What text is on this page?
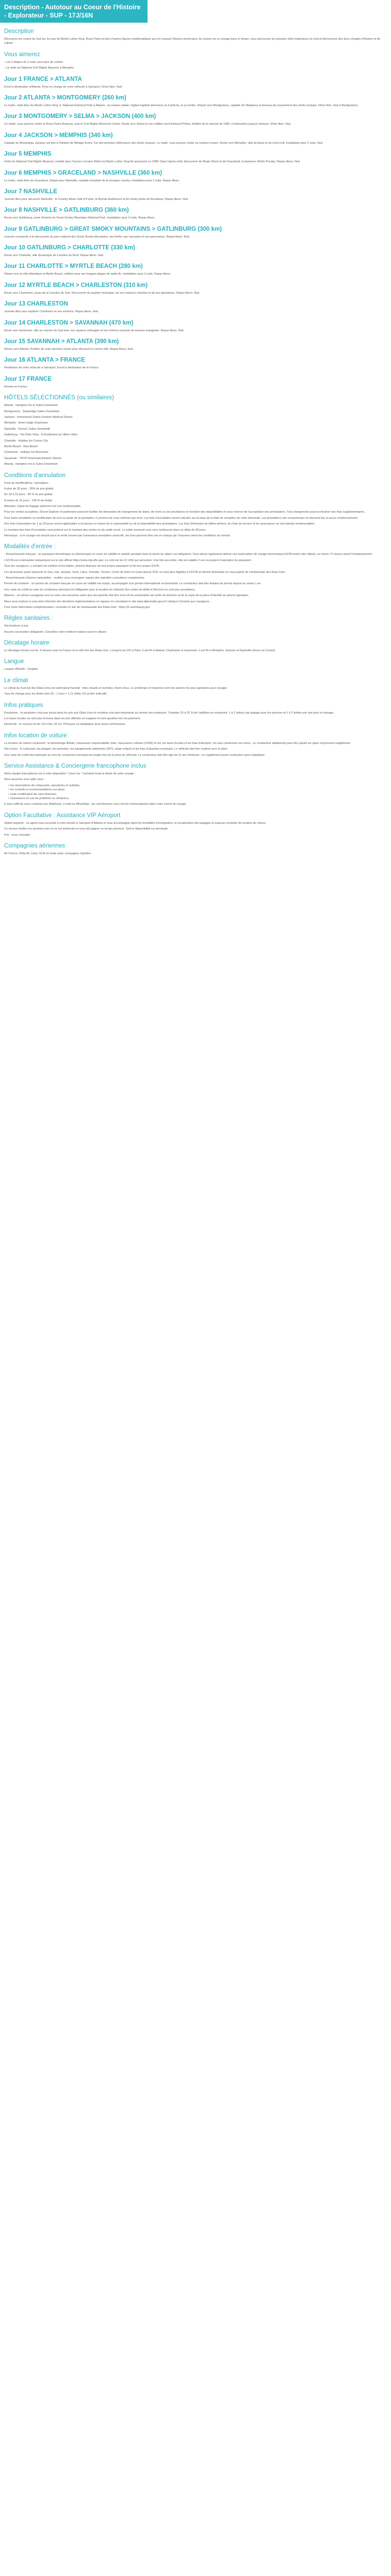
Description - Autotour au Coeur de l'Histoire - Explorateur - SUP - 17J/16N
Description

Découvrez les routes du Sud sur les pas de Martin Luther King, Rosa Parks et bien d'autres figures emblématiques qui ont marqué l'histoire américaine. Au travers de ce voyage dans le temps, vous parcourrez les grandes villes historiques du Sud et découvrirez des lieux chargés d'histoire et de culture.

Vous aimerez

- Les 3 étapes de 2 nuits, pour plus de confort

- La visite du National Civil Rights Museum à Memphis

Jour 1 FRANCE > ATLANTA

Envol à destination d'Atlanta. Prise en charge de votre véhicule à l'aéroport. Dîner libre. Nuit.

Jour 2 ATLANTA > MONTGOMERY (260 km)

Le matin, visite libre du Martin Luther King Jr. National Historical Park à Atlanta : sa maison natale, l'église baptiste Ebenezer où il prêcha, et sa tombe. Départ vers Montgomery, capitale de l'Alabama et berceau du mouvement des droits civiques. Dîner libre. Nuit à Montgomery.

Jour 3 MONTGOMERY > SELMA > JACKSON (400 km)

Ce matin, vous pourrez visiter le Rosa Parks Museum, puis le Civil Rights Memorial Center. Route vers Selma et son célèbre pont Edmund Pettus, théâtre de la marche de 1965. Continuation jusqu'à Jackson. Dîner libre. Nuit.

Jour 4 JACKSON > MEMPHIS (340 km)

Capitale du Mississippi, Jackson est liée à l'histoire de Medgar Evers, l'un des premiers défenseurs des droits civiques. Le matin, vous pourrez visiter sa maison-musée. Route vers Memphis, ville du blues et du rock'n'roll. Installation pour 2 nuits. Nuit.

Jour 5 MEMPHIS

Visite du National Civil Rights Museum, installé dans l'ancien Lorraine Motel où Martin Luther King fut assassiné en 1968. Dans l'après-midi, découverte de Beale Street et de Graceland, la demeure d'Elvis Presley. Repas libres. Nuit.

Jour 6 MEMPHIS > GRACELAND > NASHVILLE (360 km)

Le matin, visite libre de Graceland. Départ pour Nashville, capitale mondiale de la musique country. Installation pour 2 nuits. Repas libres.

Jour 7 NASHVILLE

Journée libre pour découvrir Nashville : le Country Music Hall of Fame, le Ryman Auditorium et les honky-tonks de Broadway. Repas libres. Nuit.

Jour 8 NASHVILLE > GATLINBURG (360 km)

Route vers Gatlinburg, porte d'entrée du Great Smoky Mountains National Park. Installation pour 2 nuits. Repas libres.

Jour 9 GATLINBURG > GREAT SMOKY MOUNTAINS > GATLINBURG (300 km)

Journée consacrée à la découverte du parc national des Great Smoky Mountains, ses forêts, ses cascades et ses panoramas. Repas libres. Nuit.

Jour 10 GATLINBURG > CHARLOTTE (330 km)

Route vers Charlotte, ville dynamique de Caroline du Nord. Repas libres. Nuit.

Jour 11 CHARLOTTE > MYRTLE BEACH (280 km)

Départ vers la côte Atlantique et Myrtle Beach, célèbre pour ses longues plages de sable fin. Installation pour 2 nuits. Repas libres.

Jour 12 MYRTLE BEACH > CHARLESTON (310 km)

Route vers Charleston, joyau de la Caroline du Sud. Découverte du quartier historique, de ses maisons colorées et de ses plantations. Repas libres. Nuit.

Jour 13 CHARLESTON

Journée libre pour explorer Charleston et ses environs. Repas libres. Nuit.

Jour 14 CHARLESTON > SAVANNAH (470 km)

Route vers Savannah, ville au charme du Sud avec ses squares ombragés et ses chênes couverts de mousse espagnole. Repas libres. Nuit.

Jour 15 SAVANNAH > ATLANTA (390 km)

Retour vers Atlanta. Profitez de votre dernière soirée pour découvrir le centre-ville. Repas libres. Nuit.

Jour 16 ATLANTA > FRANCE

Restitution de votre véhicule à l'aéroport. Envol à destination de la France.

Jour 17 FRANCE

Arrivée en France.

HÔTELS SÉLECTIONNÉS (ou similaires)

Atlanta : Hampton Inn & Suites Downtown

Montgomery : Staybridge Suites Downtown

Jackson : Homewood Suites Fondren Medical District

Memphis : Hotel Indigo Downtown

Nashville : Home2 Suites Vanderbilt

Gatlinburg : The Park Vista - A Doubletree by Hilton Hotel

Charlotte : Holiday Inn Center City

Myrtle Beach : Max Beach

Charleston : Holiday Inn Riverview

Savannah : TRYP Downtown/Historic District

Atlanta : Hampton Inn & Suites Downtown

Conditions d'annulation

Frais de modifications / annulation :

A plus de 30 jours : 35% du prix global

De 30 à 15 jours : 85 % du prix global

A moins de 15 jours : 100 % du forfait

Attention, l'ajout de bagage optionnel est non-remboursable.

Pour les ventes acceptées, l'Envol Explorer et partenaire pourront faciliter les demandes de changement de dates, de noms ou de prestations en fonction des disponibilités et sous réserve de l'acceptation des prestataires. Tout changement pourra entraîner des frais supplémentaires.

Pour toute annulation ou modification de tout ou partie de la prestation, il convient de nous informer par écrit. Les frais d'annulation seront calculés sur la base de la date de réception de votre demande. Les prestations non consommées ne donnent lieu à aucun remboursement.

Des frais d'annulation de 1 au 20 jours seront applicables à la hausse en raison de la saisonnalité ou de la disponibilité des prestataires. Les frais d'émission de billets aériens, les frais de service et les assurances ne sont jamais remboursables.

Le montant des frais d'annulation sera prélevé sur le montant des arrhes ou du solde versé. Le solde éventuel vous sera remboursé dans un délai de 30 jours.

Remarque : si le voyage est annulé pour un motif couvert par l'assurance annulation souscrite, les frais pourront être pris en charge par l'assureur selon les conditions du contrat.

Modalités d'entrée :

- Ressortissants français : un passeport biométrique ou électronique en cours de validité et valable pendant toute la durée du séjour est obligatoire. Vous devez également obtenir une autorisation de voyage électronique ESTA avant votre départ, au moins 72 heures avant l'embarquement.

L'ESTA est à demander uniquement sur le site officiel https://esta.cbp.dhs.gov. Le coût est de 21 USD par personne. Une fois accordée, elle est valable 2 ans ou jusqu'à l'expiration du passeport.

Tous les voyageurs, y compris les enfants et les bébés, doivent disposer de leur propre passeport et de leur propre ESTA.

Les personnes ayant séjourné en Iran, Irak, Soudan, Syrie, Libye, Somalie, Yémen, Corée du Nord ou Cuba depuis 2011 ne sont plus éligibles à l'ESTA et doivent demander un visa auprès de l'ambassade des États-Unis.

- Ressortissants d'autres nationalités : veuillez vous renseigner auprès des autorités consulaires compétentes.

Permis de conduire : un permis de conduire français en cours de validité est requis, accompagné d'un permis international recommandé. Le conducteur doit être titulaire du permis depuis au moins 1 an.

Une carte de crédit au nom du conducteur principal est obligatoire pour la location du véhicule (les cartes de débit et Electron ne sont pas acceptées).

Mineurs : un mineur voyageant seul ou avec une personne autre que ses parents doit être muni d'une autorisation de sortie du territoire et de la copie de la pièce d'identité du parent signataire.

Nous vous invitons à vous tenir informés des dernières réglementations en vigueur en consultant le site www.diplomatie.gouv.fr rubrique Conseils aux voyageurs.

Pour toute information complémentaire, consultez le site de l'ambassade des États-Unis : https://fr.usembassy.gov.

Règles sanitaires :

Vaccinations à jour.

Aucune vaccination obligatoire. Consultez votre médecin traitant avant le départ.

Décalage horaire

Le décalage horaire est de -6 heures entre la France et la côte Est des États-Unis. Lorsqu'il est 12h à Paris, il est 6h à Atlanta, Charleston et Savannah. Il est 5h à Memphis, Jackson et Nashville (heure du Centre).

Langue

Langue officielle : l'anglais.

Le climat

Le climat du Sud-Est des États-Unis est subtropical humide : étés chauds et humides, hivers doux. Le printemps et l'automne sont les saisons les plus agréables pour voyager.

Taux de change pour les États-Unis (€) : 1 euro = 1,11 dollar US (à titre indicatif).

Infos pratiques

Pourboires : le pourboire n'est pas inclus dans les prix aux États-Unis et constitue une part importante du revenu des employés. Comptez 15 à 20 % de l'addition au restaurant, 1 à 2 dollars par bagage pour les porteurs et 1 à 2 dollars par nuit pour le ménage.

Les taxes locales ne sont pas incluses dans les prix affichés en magasin et sont ajoutées lors du paiement.

Électricité : le courant est de 110 volts, 60 Hz. Prévoyez un adaptateur pour prises américaines.

Infos location de voiture

La location de voiture comprend : le kilométrage illimité, l'assurance responsabilité civile, l'assurance collision (CDW) et vol, les taxes locales et les frais d'aéroport. Un seul conducteur est inclus ; un conducteur additionnel peut être ajouté sur place moyennant supplément.

Non inclus : le carburant, les péages, les amendes, les équipements optionnels (GPS, siège enfant) et les frais d'abandon éventuels. Le véhicule doit être restitué avec le plein.

Une carte de crédit internationale au nom du conducteur principal est exigée lors de la prise du véhicule. Le conducteur doit être âgé de 21 ans minimum ; un supplément jeune conducteur peut s'appliquer.

Service Assistance & Conciergerie francophone inclus

Notre équipe francophone est à votre disposition 7 jours sur 7 pendant toute la durée de votre voyage :

Nous pouvons vous aider pour :

• les réservations de restaurants, spectacles et activités,
• les conseils et recommandations sur place,
• toute modification de votre itinéraire,
• l'assistance en cas de problème ou d'imprévu.

Il vous suffit de nous contacter par téléphone, e-mail ou WhatsApp ; les coordonnées vous seront communiquées dans votre carnet de voyage.

Option Facultative : Assistance VIP Aéroport

Option payante : un agent vous accueille à votre arrivée à l'aéroport d'Atlanta et vous accompagne dans les formalités d'immigration, la récupération des bagages et jusqu'au comptoir de location de voiture.

Ce service facilite vos premiers pas sur le sol américain et vous fait gagner un temps précieux. Tarif et disponibilité sur demande.

Prix : nous consulter.

Compagnies aériennes

Air France, Delta Air Lines, KLM ou toute autre compagnie régulière.
